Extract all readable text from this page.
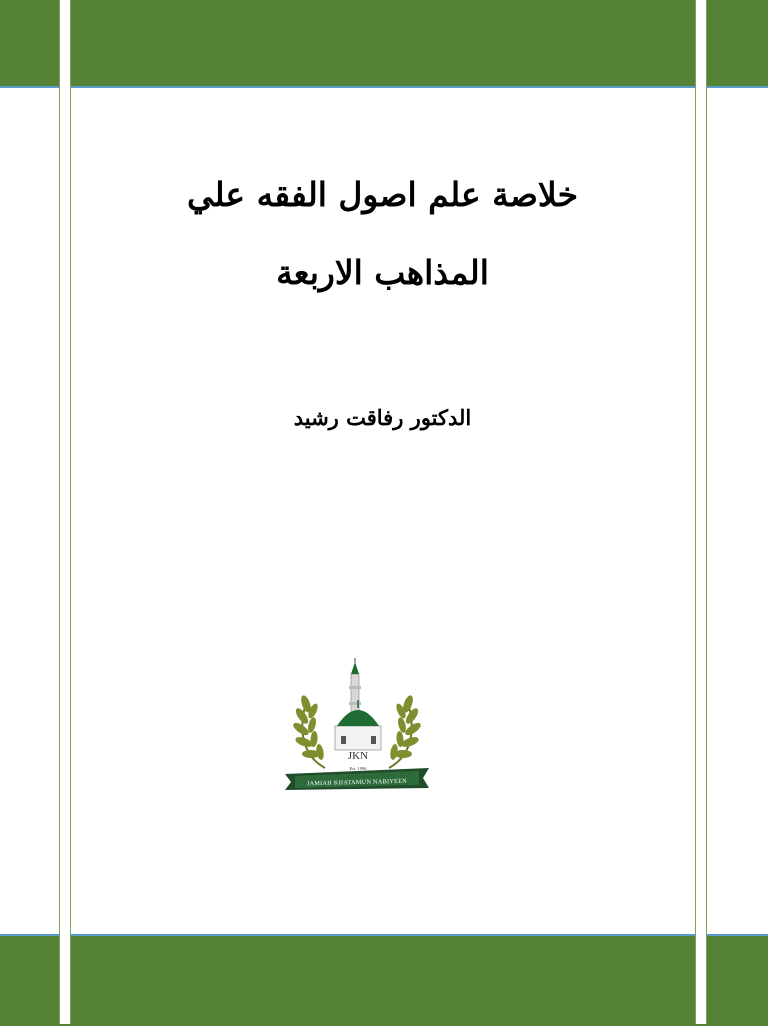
خلاصة علم اصول الفقه علي
المذاهب الاربعة
الدكتور رفاقت رشيد
JKN
Est. 1996
JAMIAH KHATAMUN NABIYEEN
